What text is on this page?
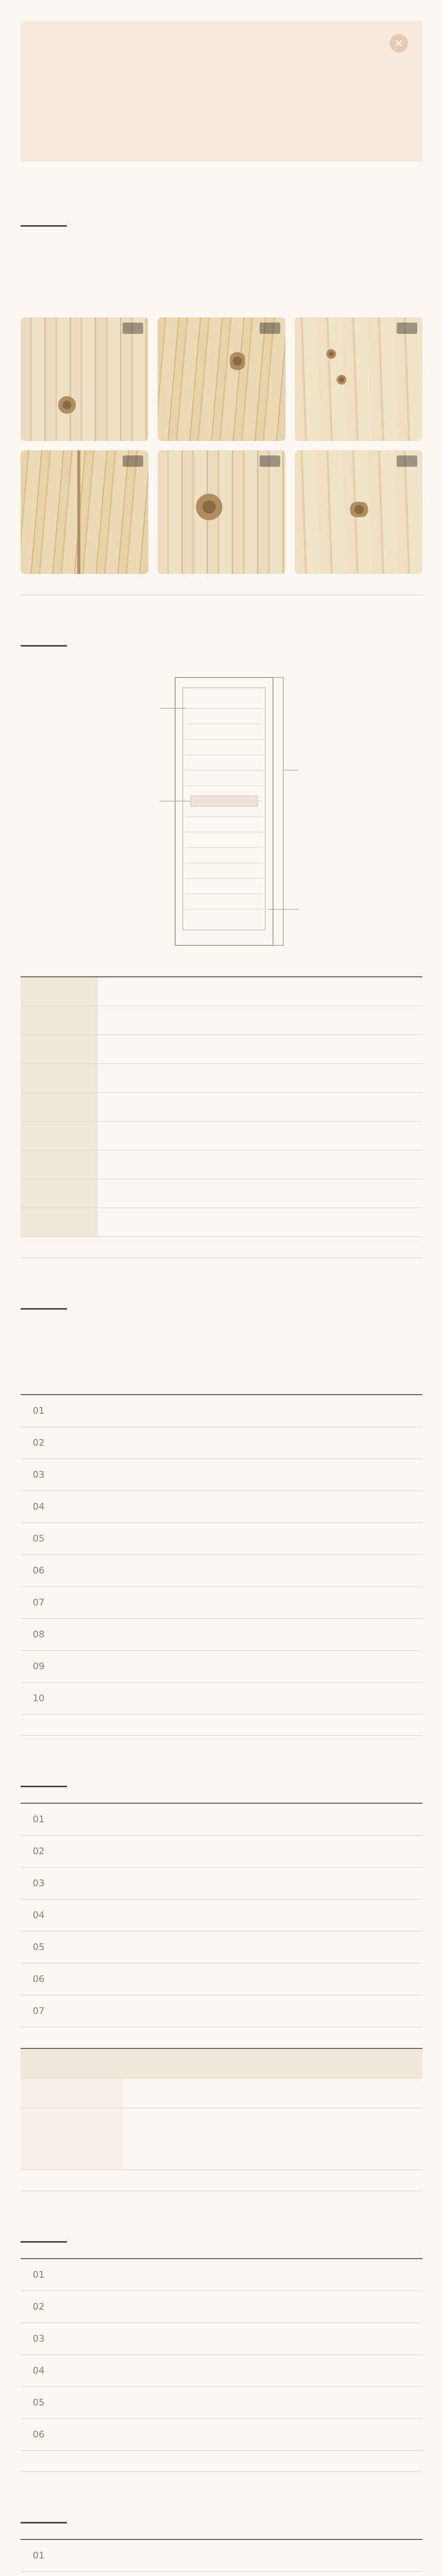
01
02
03
04
05
06
07
08
09
10
01
02
03
04
05
06
07

01
02
03
04
05
06
01
